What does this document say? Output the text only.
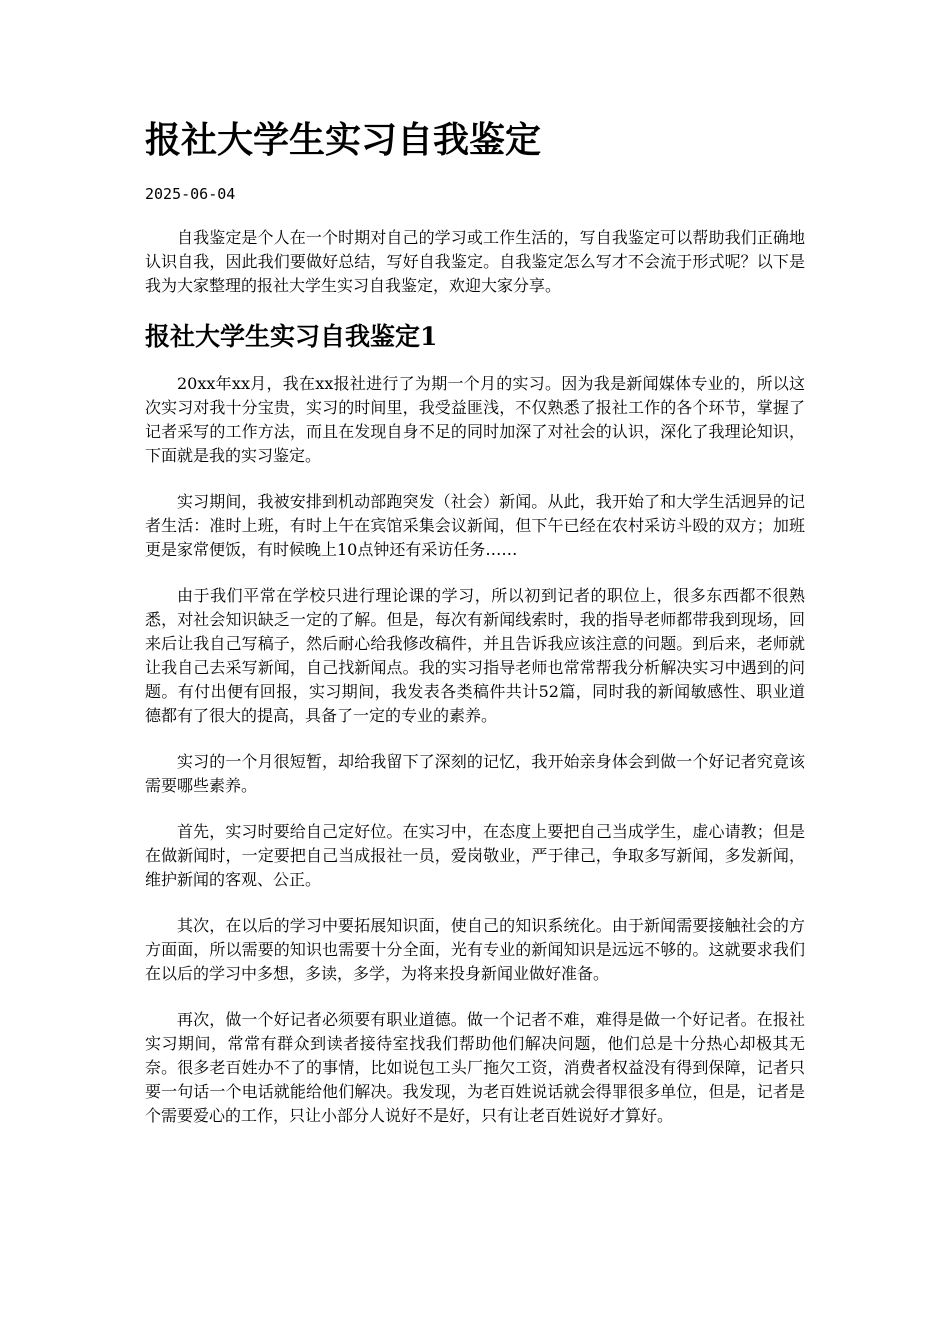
报社大学生实习自我鉴定
2025-06-04

自我鉴定是个人在一个时期对自己的学习或工作生活的，写自我鉴定可以帮助我们正确地认识自我，因此我们要做好总结，写好自我鉴定。自我鉴定怎么写才不会流于形式呢？以下是我为大家整理的报社大学生实习自我鉴定，欢迎大家分享。

报社大学生实习自我鉴定1

20xx年xx月，我在xx报社进行了为期一个月的实习。因为我是新闻媒体专业的，所以这次实习对我十分宝贵，实习的时间里，我受益匪浅，不仅熟悉了报社工作的各个环节，掌握了记者采写的工作方法，而且在发现自身不足的同时加深了对社会的认识，深化了我理论知识，下面就是我的实习鉴定。

实习期间，我被安排到机动部跑突发（社会）新闻。从此，我开始了和大学生活迥异的记者生活：准时上班，有时上午在宾馆采集会议新闻，但下午已经在农村采访斗殴的双方；加班更是家常便饭，有时候晚上10点钟还有采访任务……

由于我们平常在学校只进行理论课的学习，所以初到记者的职位上，很多东西都不很熟悉，对社会知识缺乏一定的了解。但是，每次有新闻线索时，我的指导老师都带我到现场，回来后让我自己写稿子，然后耐心给我修改稿件，并且告诉我应该注意的问题。到后来，老师就让我自己去采写新闻，自己找新闻点。我的实习指导老师也常常帮我分析解决实习中遇到的问题。有付出便有回报，实习期间，我发表各类稿件共计52篇，同时我的新闻敏感性、职业道德都有了很大的提高，具备了一定的专业的素养。

实习的一个月很短暂，却给我留下了深刻的记忆，我开始亲身体会到做一个好记者究竟该需要哪些素养。

首先，实习时要给自己定好位。在实习中，在态度上要把自己当成学生，虚心请教；但是在做新闻时，一定要把自己当成报社一员，爱岗敬业，严于律己，争取多写新闻，多发新闻，维护新闻的客观、公正。

其次，在以后的学习中要拓展知识面，使自己的知识系统化。由于新闻需要接触社会的方方面面，所以需要的知识也需要十分全面，光有专业的新闻知识是远远不够的。这就要求我们在以后的学习中多想，多读，多学，为将来投身新闻业做好准备。

再次，做一个好记者必须要有职业道德。做一个记者不难，难得是做一个好记者。在报社实习期间，常常有群众到读者接待室找我们帮助他们解决问题，他们总是十分热心却极其无奈。很多老百姓办不了的事情，比如说包工头厂拖欠工资，消费者权益没有得到保障，记者只要一句话一个电话就能给他们解决。我发现，为老百姓说话就会得罪很多单位，但是，记者是个需要爱心的工作，只让小部分人说好不是好，只有让老百姓说好才算好。
